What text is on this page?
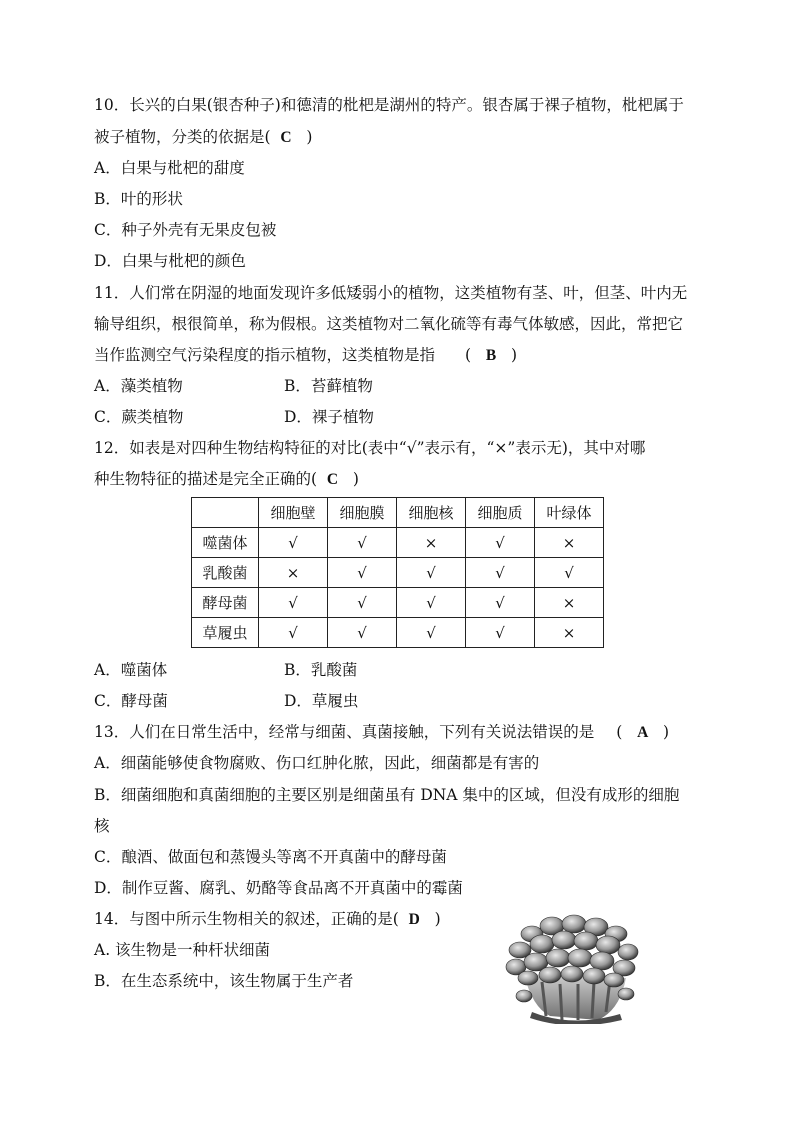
10．长兴的白果(银杏种子)和德清的枇杷是湖州的特产。银杏属于裸子植物，枇杷属于
被子植物，分类的依据是( C )
A．白果与枇杷的甜度
B．叶的形状
C．种子外壳有无果皮包被
D．白果与枇杷的颜色
11．人们常在阴湿的地面发现许多低矮弱小的植物，这类植物有茎、叶，但茎、叶内无
输导组织，根很简单，称为假根。这类植物对二氧化硫等有毒气体敏感，因此，常把它
当作监测空气污染程度的指示植物，这类植物是指 (   B   )
A．藻类植物	B．苔藓植物
C．蕨类植物	D．裸子植物
12．如表是对四种生物结构特征的对比(表中“√”表示有，“×”表示无)，其中对哪
种生物特征的描述是完全正确的( C )
	细胞壁	细胞膜	细胞核	细胞质	叶绿体
噬菌体	√	√	×	√	×
乳酸菌	×	√	√	√	√
酵母菌	√	√	√	√	×
草履虫	√	√	√	√	×
A．噬菌体	B．乳酸菌
C．酵母菌	D．草履虫
13．人们在日常生活中，经常与细菌、真菌接触，下列有关说法错误的是 (   A   )
A．细菌能够使食物腐败、伤口红肿化脓，因此，细菌都是有害的
B．细菌细胞和真菌细胞的主要区别是细菌虽有 DNA 集中的区域，但没有成形的细胞
核
C．酿酒、做面包和蒸馒头等离不开真菌中的酵母菌
D．制作豆酱、腐乳、奶酪等食品离不开真菌中的霉菌
14．与图中所示生物相关的叙述，正确的是( D )
A. 该生物是一种杆状细菌
B．在生态系统中，该生物属于生产者
